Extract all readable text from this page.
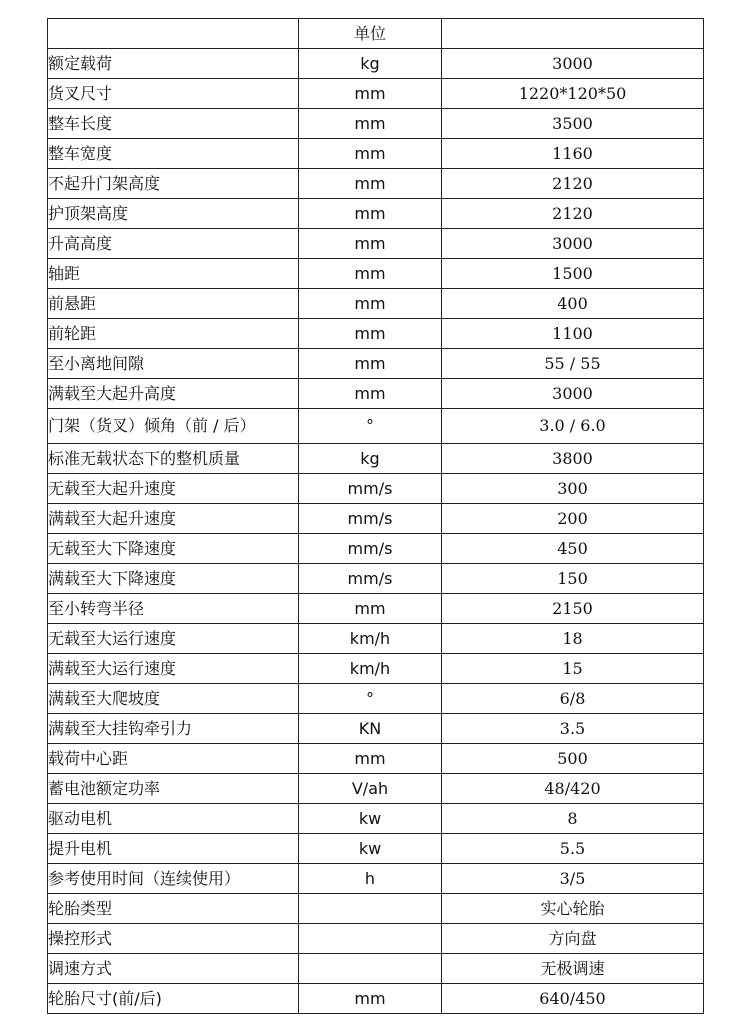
	单位	
额定载荷	kg	3000
货叉尺寸	mm	1220*120*50
整车长度	mm	3500
整车宽度	mm	1160
不起升门架高度	mm	2120
护顶架高度	mm	2120
升高高度	mm	3000
轴距	mm	1500
前悬距	mm	400
前轮距	mm	1100
至小离地间隙	mm	55 / 55
满载至大起升高度	mm	3000
门架（货叉）倾角（前 / 后）	°	3.0 / 6.0
标准无载状态下的整机质量	kg	3800
无载至大起升速度	mm/s	300
满载至大起升速度	mm/s	200
无载至大下降速度	mm/s	450
满载至大下降速度	mm/s	150
至小转弯半径	mm	2150
无载至大运行速度	km/h	18
满载至大运行速度	km/h	15
满载至大爬坡度	°	6/8
满载至大挂钩牵引力	KN	3.5
载荷中心距	mm	500
蓄电池额定功率	V/ah	48/420
驱动电机	kw	8
提升电机	kw	5.5
参考使用时间（连续使用）	h	3/5
轮胎类型		实心轮胎
操控形式		方向盘
调速方式		无极调速
轮胎尺寸(前/后)	mm	640/450
